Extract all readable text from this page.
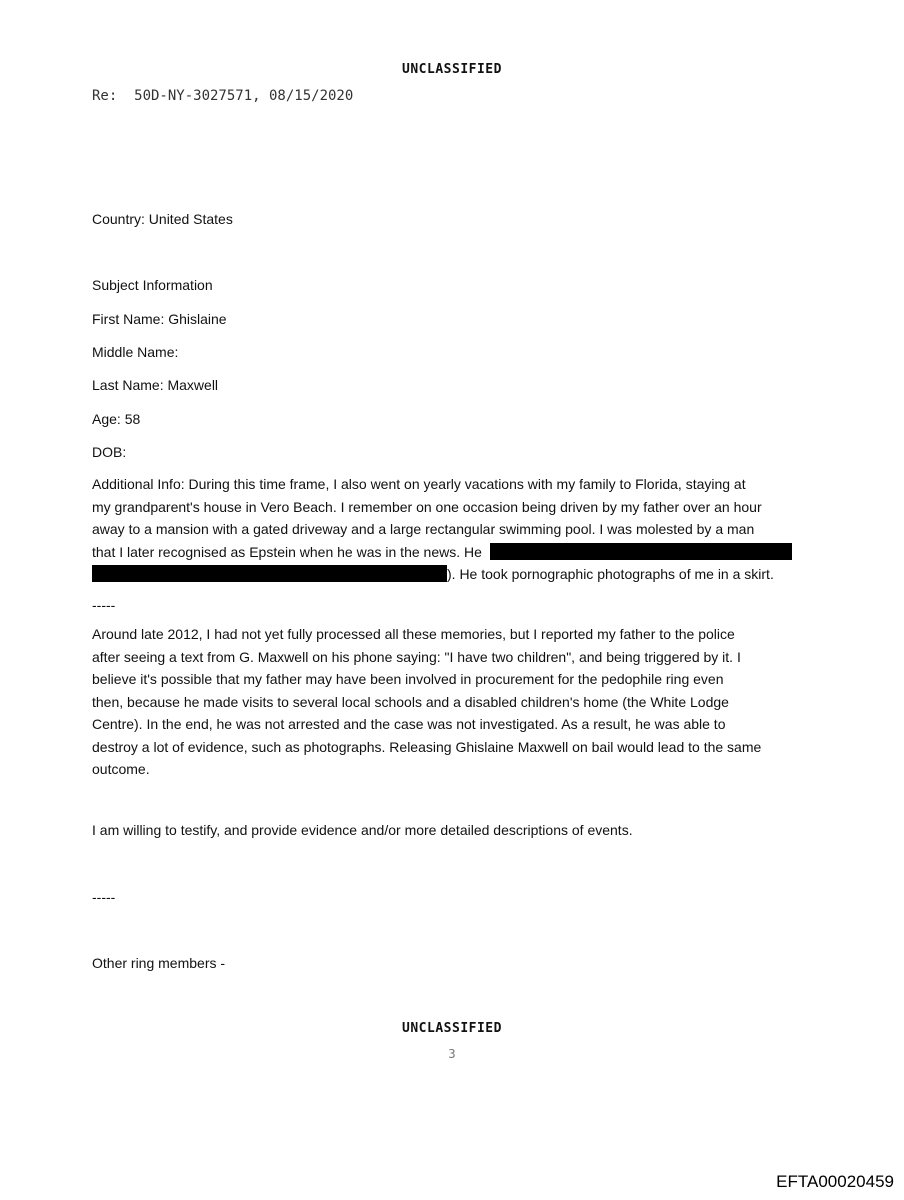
UNCLASSIFIED
Re:  50D-NY-3027571, 08/15/2020
Country: United States
Subject Information
First Name: Ghislaine
Middle Name:
Last Name: Maxwell
Age: 58
DOB:
Additional Info: During this time frame, I also went on yearly vacations with my family to Florida, staying at
my grandparent's house in Vero Beach. I remember on one occasion being driven by my father over an hour
away to a mansion with a gated driveway and a large rectangular swimming pool. I was molested by a man
that I later recognised as Epstein when he was in the news. He
). He took pornographic photographs of me in a skirt.
-----
Around late 2012, I had not yet fully processed all these memories, but I reported my father to the police
after seeing a text from G. Maxwell on his phone saying: "I have two children", and being triggered by it. I
believe it's possible that my father may have been involved in procurement for the pedophile ring even
then, because he made visits to several local schools and a disabled children's home (the White Lodge
Centre). In the end, he was not arrested and the case was not investigated. As a result, he was able to
destroy a lot of evidence, such as photographs. Releasing Ghislaine Maxwell on bail would lead to the same
outcome.
I am willing to testify, and provide evidence and/or more detailed descriptions of events.
-----
Other ring members -
UNCLASSIFIED
3
EFTA00020459
